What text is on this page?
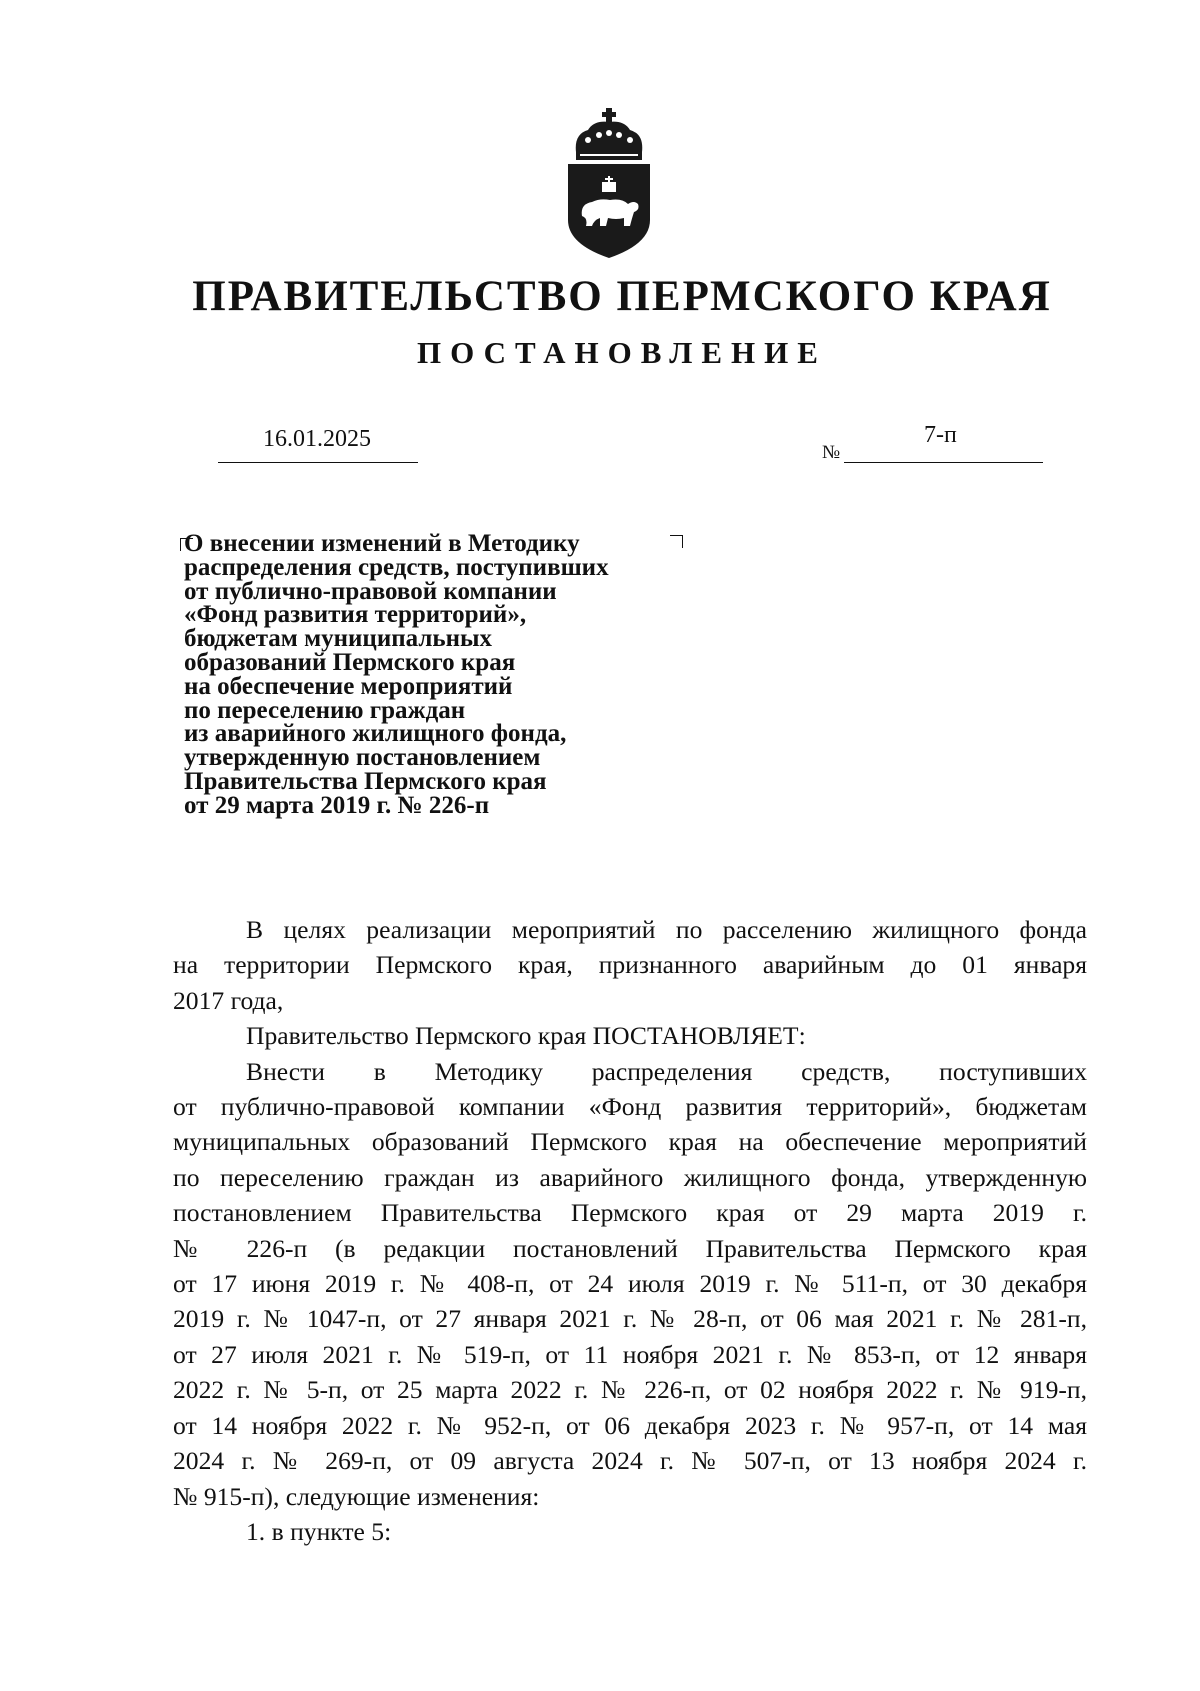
ПРАВИТЕЛЬСТВО ПЕРМСКОГО КРАЯ
ПОСТАНОВЛЕНИЕ
16.01.2025
№
7-п
О внесении изменений в Методику
распределения средств, поступивших
от публично-правовой компании
«Фонд развития территорий»,
бюджетам муниципальных
образований Пермского края
на обеспечение мероприятий
по переселению граждан
из аварийного жилищного фонда,
утвержденную постановлением
Правительства Пермского края
от 29 марта 2019 г. № 226-п
В целях реализации мероприятий по расселению жилищного фонда
на территории Пермского края, признанного аварийным до 01 января
2017 года,
Правительство Пермского края ПОСТАНОВЛЯЕТ:
Внести в Методику распределения средств, поступивших
от публично-правовой компании «Фонд развития территорий», бюджетам
муниципальных образований Пермского края на обеспечение мероприятий
по переселению граждан из аварийного жилищного фонда, утвержденную
постановлением Правительства Пермского края от 29 марта 2019 г.
№ 226-п (в редакции постановлений Правительства Пермского края
от 17 июня 2019 г. № 408-п, от 24 июля 2019 г. № 511-п, от 30 декабря
2019 г. № 1047-п, от 27 января 2021 г. № 28-п, от 06 мая 2021 г. № 281-п,
от 27 июля 2021 г. № 519-п, от 11 ноября 2021 г. № 853-п, от 12 января
2022 г. № 5-п, от 25 марта 2022 г. № 226-п, от 02 ноября 2022 г. № 919-п,
от 14 ноября 2022 г. № 952-п, от 06 декабря 2023 г. № 957-п, от 14 мая
2024 г. № 269-п, от 09 августа 2024 г. № 507-п, от 13 ноября 2024 г.
№ 915-п), следующие изменения:
1. в пункте 5:
